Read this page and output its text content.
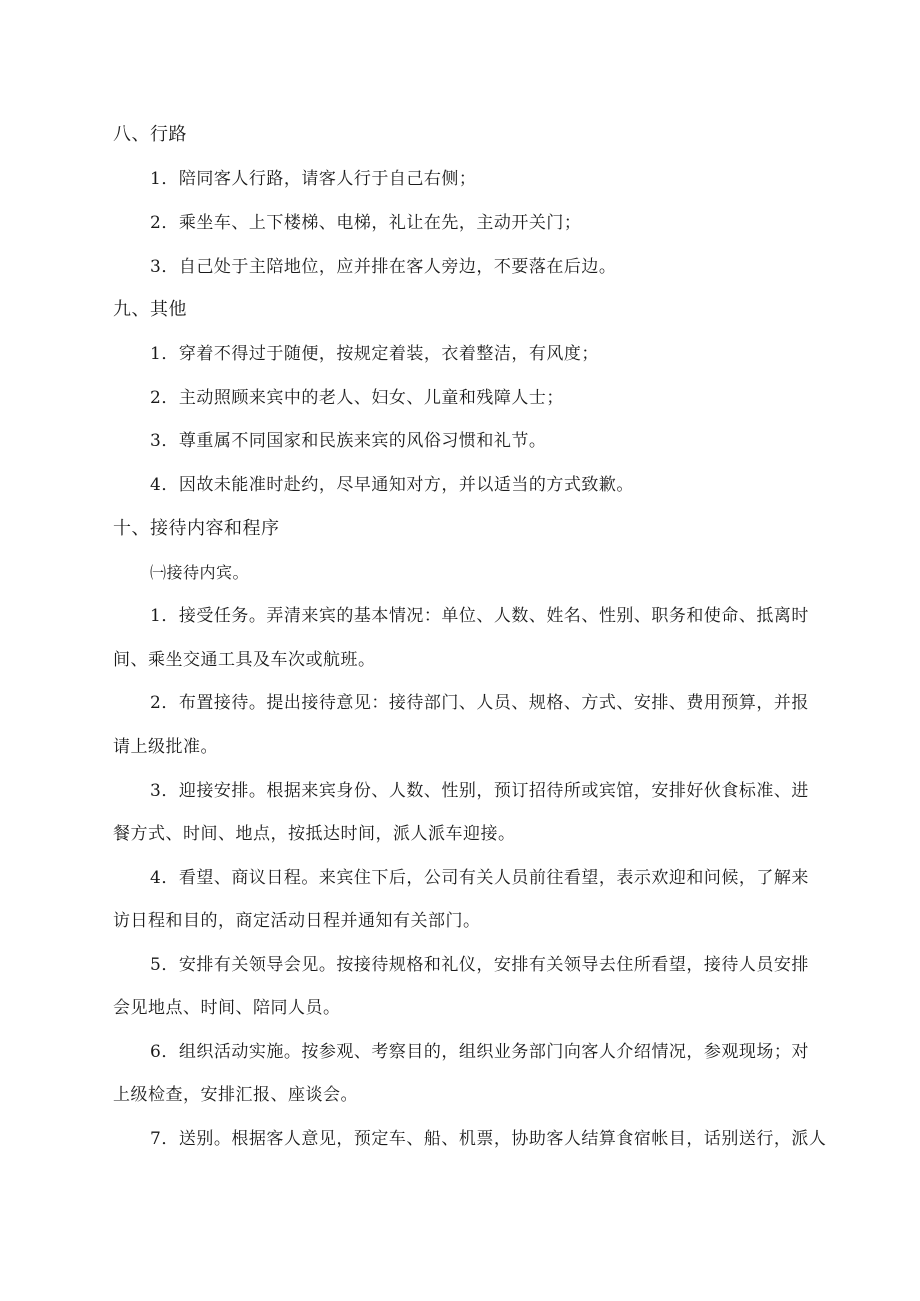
八、行路
1．陪同客人行路，请客人行于自己右侧；
2．乘坐车、上下楼梯、电梯，礼让在先，主动开关门；
3．自己处于主陪地位，应并排在客人旁边，不要落在后边。
九、其他
1．穿着不得过于随便，按规定着装，衣着整洁，有风度；
2．主动照顾来宾中的老人、妇女、儿童和残障人士；
3．尊重属不同国家和民族来宾的风俗习惯和礼节。
4．因故未能准时赴约，尽早通知对方，并以适当的方式致歉。
十、接待内容和程序
㈠接待内宾。
1．接受任务。弄清来宾的基本情况：单位、人数、姓名、性别、职务和使命、抵离时
间、乘坐交通工具及车次或航班。
2．布置接待。提出接待意见：接待部门、人员、规格、方式、安排、费用预算，并报
请上级批准。
3．迎接安排。根据来宾身份、人数、性别，预订招待所或宾馆，安排好伙食标准、进
餐方式、时间、地点，按抵达时间，派人派车迎接。
4．看望、商议日程。来宾住下后，公司有关人员前往看望，表示欢迎和问候，了解来
访日程和目的，商定活动日程并通知有关部门。
5．安排有关领导会见。按接待规格和礼仪，安排有关领导去住所看望，接待人员安排
会见地点、时间、陪同人员。
6．组织活动实施。按参观、考察目的，组织业务部门向客人介绍情况，参观现场；对
上级检查，安排汇报、座谈会。
7．送别。根据客人意见，预定车、船、机票，协助客人结算食宿帐目，话别送行，派人
